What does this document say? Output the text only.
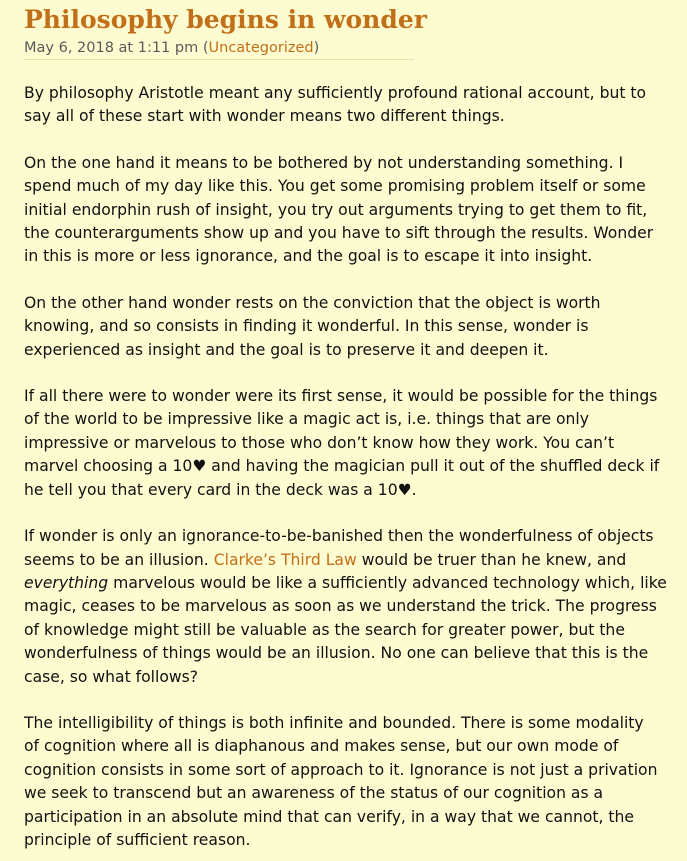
Philosophy begins in wonder
May 6, 2018 at 1:11 pm (Uncategorized)

By philosophy Aristotle meant any sufficiently profound rational account, but to
say all of these start with wonder means two different things.

On the one hand it means to be bothered by not understanding something. I
spend much of my day like this. You get some promising problem itself or some
initial endorphin rush of insight, you try out arguments trying to get them to fit,
the counterarguments show up and you have to sift through the results. Wonder
in this is more or less ignorance, and the goal is to escape it into insight.

On the other hand wonder rests on the conviction that the object is worth
knowing, and so consists in finding it wonderful. In this sense, wonder is
experienced as insight and the goal is to preserve it and deepen it.

If all there were to wonder were its first sense, it would be possible for the things
of the world to be impressive like a magic act is, i.e. things that are only
impressive or marvelous to those who don’t know how they work. You can’t
marvel choosing a 10♥ and having the magician pull it out of the shuffled deck if
he tell you that every card in the deck was a 10♥.

If wonder is only an ignorance-to-be-banished then the wonderfulness of objects
seems to be an illusion. Clarke’s Third Law would be truer than he knew, and
everything marvelous would be like a sufficiently advanced technology which, like
magic, ceases to be marvelous as soon as we understand the trick. The progress
of knowledge might still be valuable as the search for greater power, but the
wonderfulness of things would be an illusion. No one can believe that this is the
case, so what follows?

The intelligibility of things is both infinite and bounded. There is some modality
of cognition where all is diaphanous and makes sense, but our own mode of
cognition consists in some sort of approach to it. Ignorance is not just a privation
we seek to transcend but an awareness of the status of our cognition as a
participation in an absolute mind that can verify, in a way that we cannot, the
principle of sufficient reason.
